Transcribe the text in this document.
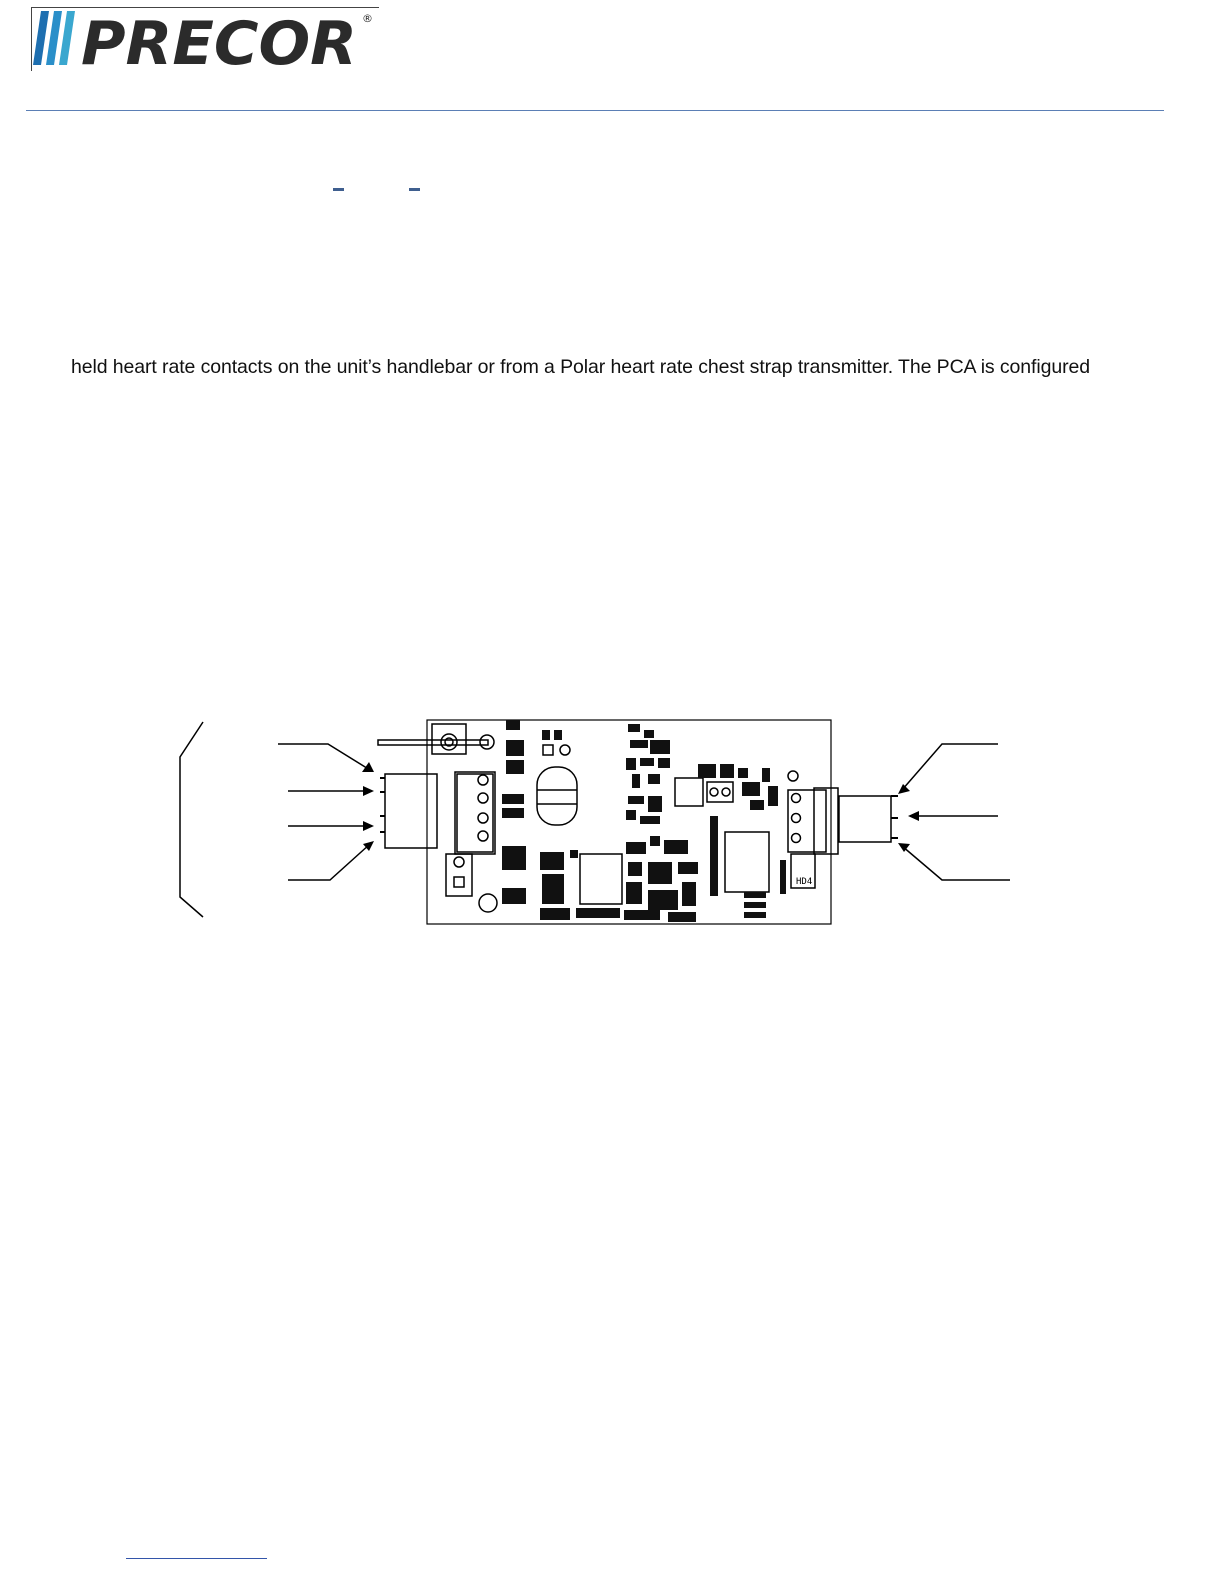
PRECOR ®
held heart rate contacts on the unit’s handlebar or from a Polar heart rate chest strap transmitter. The PCA is configured
HD4
